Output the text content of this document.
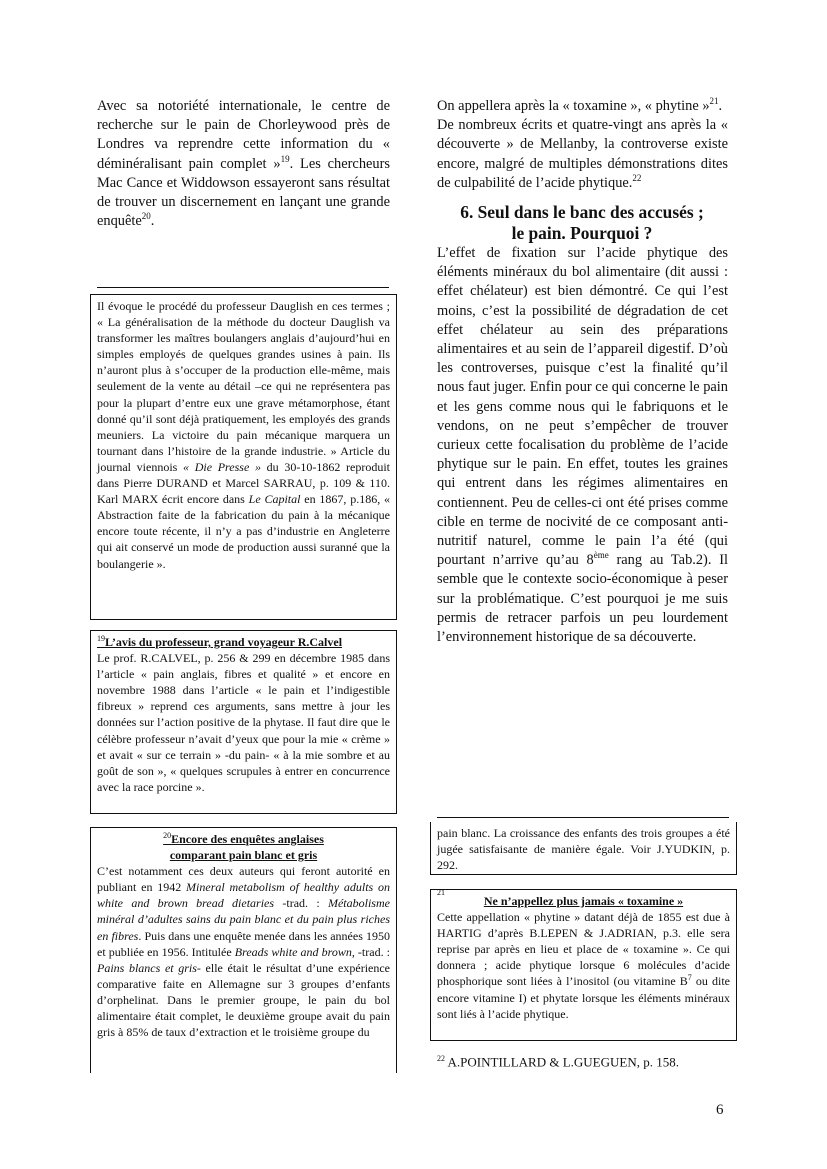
Avec sa notoriété internationale, le centre de recherche sur le pain de Chorleywood près de Londres va reprendre cette information du « déminéralisant pain complet »$^{19}$. Les chercheurs Mac Cance et Widdowson essayeront sans résultat de trouver un discernement en lançant une grande enquête$^{20}$.

Il évoque le procédé du professeur Dauglish en ces termes ; « La généralisation de la méthode du docteur Dauglish va transformer les maîtres boulangers anglais d’aujourd’hui en simples employés de quelques grandes usines à pain. Ils n’auront plus à s’occuper de la production elle-même, mais seulement de la vente au détail –ce qui ne représentera pas pour la plupart d’entre eux une grave métamorphose, étant donné qu’il sont déjà pratiquement, les employés des grands meuniers. La victoire du pain mécanique marquera un tournant dans l’histoire de la grande industrie. » Article du journal viennois « Die Presse » du 30-10-1862 reproduit dans Pierre DURAND et Marcel SARRAU, p. 109 & 110. Karl MARX écrit encore dans Le Capital en 1867, p.186, « Abstraction faite de la fabrication du pain à la mécanique encore toute récente, il n’y a pas d’industrie en Angleterre qui ait conservé un mode de production aussi suranné que la boulangerie ».

$^{19}$L’avis du professeur, grand voyageur R.Calvel

Le prof. R.CALVEL, p. 256 & 299 en décembre 1985 dans l’article « pain anglais, fibres et qualité » et encore en novembre 1988 dans l’article « le pain et l’indigestible fibreux » reprend ces arguments, sans mettre à jour les données sur l’action positive de la phytase. Il faut dire que le célèbre professeur n’avait d’yeux que pour la mie « crème » et avait « sur ce terrain » -du pain- « à la mie sombre et au goût de son », « quelques scrupules à entrer en concurrence avec la race porcine ».

$^{20}$Encore des enquêtes anglaises
comparant pain blanc et gris

C’est notamment ces deux auteurs qui feront autorité en publiant en 1942 Mineral metabolism of healthy adults on white and brown bread dietaries -trad. : Métabolisme minéral d’adultes sains du pain blanc et du pain plus riches en fibres. Puis dans une enquête menée dans les années 1950 et publiée en 1956. Intitulée Breads white and brown, -trad. : Pains blancs et gris- elle était le résultat d’une expérience comparative faite en Allemagne sur 3 groupes d’enfants d’orphelinat. Dans le premier groupe, le pain du bol alimentaire était complet, le deuxième groupe avait du pain gris à 85% de taux d’extraction et le troisième groupe du

On appellera après la « toxamine », « phytine »$^{21}$.

De nombreux écrits et quatre-vingt ans après la « découverte » de Mellanby, la controverse existe encore, malgré de multiples démonstrations dites de culpabilité de l’acide phytique.$^{22}$

6. Seul dans le banc des accusés ;
le pain. Pourquoi ?

L’effet de fixation sur l’acide phytique des éléments minéraux du bol alimentaire (dit aussi : effet chélateur) est bien démontré. Ce qui l’est moins, c’est la possibilité de dégradation de cet effet chélateur au sein des préparations alimentaires et au sein de l’appareil digestif. D’où les controverses, puisque c’est la finalité qu’il nous faut juger. Enfin pour ce qui concerne le pain et les gens comme nous qui le fabriquons et le vendons, on ne peut s’empêcher de trouver curieux cette focalisation du problème de l’acide phytique sur le pain. En effet, toutes les graines qui entrent dans les régimes alimentaires en contiennent. Peu de celles-ci ont été prises comme cible en terme de nocivité de ce composant anti-nutritif naturel, comme le pain l’a été (qui pourtant n’arrive qu’au 8ème rang au Tab.2). Il semble que le contexte socio-économique à peser sur la problématique. C’est pourquoi je me suis permis de retracer parfois un peu lourdement l’environnement historique de sa découverte.

pain blanc. La croissance des enfants des trois groupes a été jugée satisfaisante de manière égale. Voir J.YUDKIN, p. 292.

21
Ne n’appellez plus jamais « toxamine »

Cette appellation « phytine » datant déjà de 1855 est due à HARTIG d’après B.LEPEN & J.ADRIAN, p.3. elle sera reprise par après en lieu et place de « toxamine ». Ce qui donnera ; acide phytique lorsque 6 molécules d’acide phosphorique sont liées à l’inositol (ou vitamine $B^7$ ou dite encore vitamine I) et phytate lorsque les éléments minéraux sont liés à l’acide phytique.

$^{22}$ A.POINTILLARD & L.GUEGUEN, p. 158.
6
